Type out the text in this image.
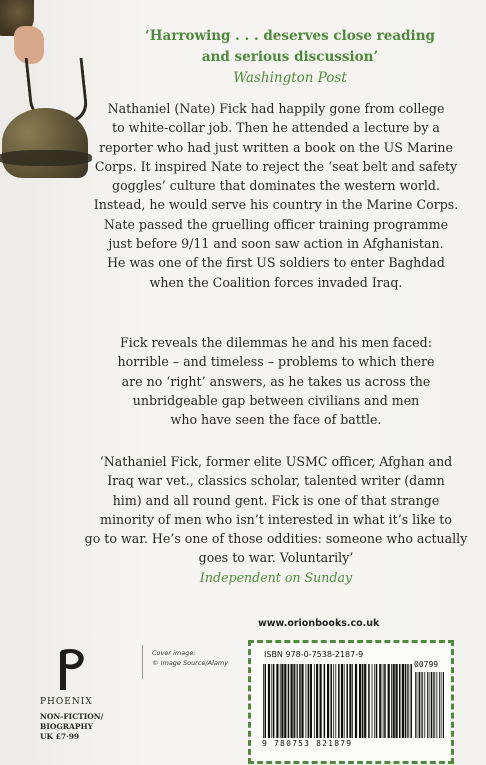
‘Harrowing . . . deserves close reading
and serious discussion’
Washington Post

Nathaniel (Nate) Fick had happily gone from college

to white-collar job. Then he attended a lecture by a

reporter who had just written a book on the US Marine

Corps. It inspired Nate to reject the ‘seat belt and safety

goggles’ culture that dominates the western world.

Instead, he would serve his country in the Marine Corps.

Nate passed the gruelling officer training programme

just before 9/11 and soon saw action in Afghanistan.

He was one of the first US soldiers to enter Baghdad

when the Coalition forces invaded Iraq.

Fick reveals the dilemmas he and his men faced:
horrible – and timeless – problems to which there
are no ‘right’ answers, as he takes us across the
unbridgeable gap between civilians and men
who have seen the face of battle.
‘Nathaniel Fick, former elite USMC officer, Afghan and
Iraq war vet., classics scholar, talented writer (damn
him) and all round gent. Fick is one of that strange
minority of men who isn’t interested in what it’s like to
go to war. He’s one of those oddities: someone who actually
goes to war. Voluntarily’
Independent on Sunday
www.orionbooks.co.uk
PHOENIX
NON-FICTION/
BIOGRAPHY
UK £7·99
Cover image:
© Image Source/Alamy
ISBN 978-0-7538-2187-9
00799
9 780753 821879
